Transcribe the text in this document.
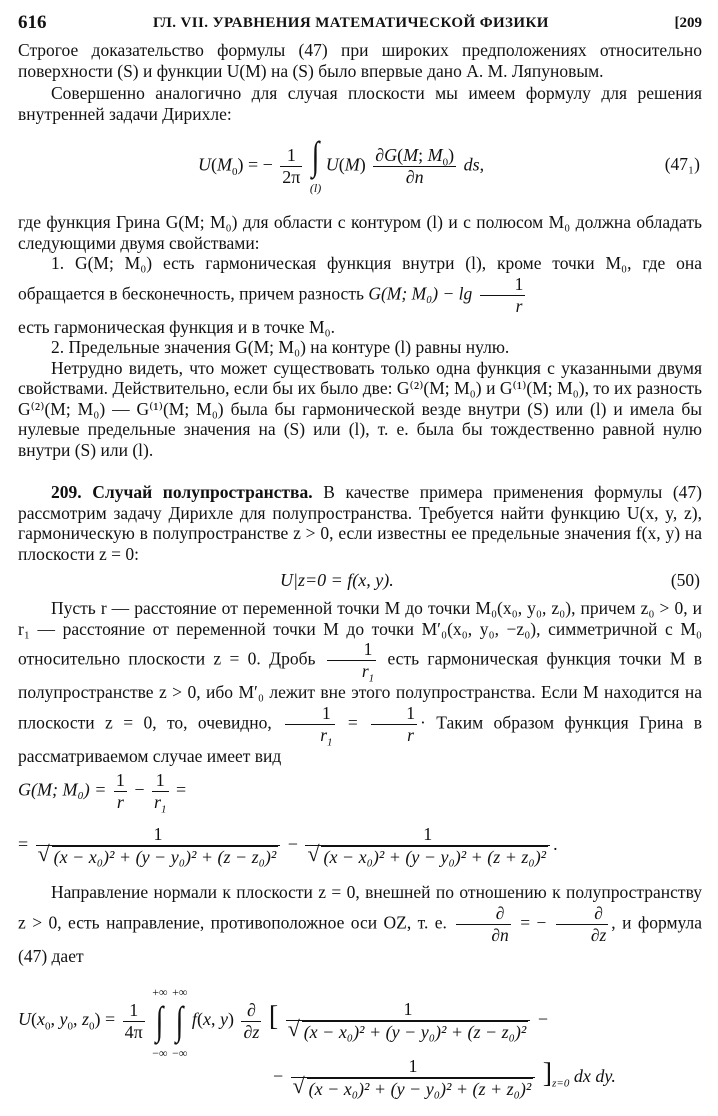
616	ГЛ. VII. УРАВНЕНИЯ МАТЕМАТИЧЕСКОЙ ФИЗИКИ	[209

Строгое доказательство формулы (47) при широких предположениях относительно поверхности (S) и функции U(M) на (S) было впервые дано А. М. Ляпуновым.

Совершенно аналогично для случая плоскости мы имеем формулу для решения внутренней задачи Дирихле:

$U(M_0)$ = − $\frac{1}{2\pi}$ ∫
(l) $U(M) \frac{\partial G(M; M_0)}{\partial n}$ ds,	(47₁)

где функция Грина G(M; M₀) для области с контуром (l) и с полюсом M₀ должна обладать следующими двумя свойствами:

1. G(M; M₀) есть гармоническая функция внутри (l), кроме точки M₀, где она обращается в бесконечность, причем разность G(M; $M_0) - \lg \frac{1}{r}$

есть гармоническая функция и в точке M₀.

2. Предельные значения G(M; M₀) на контуре (l) равны нулю.

Нетрудно видеть, что может существовать только одна функция с указанными двумя свойствами. Действительно, если бы их было две: G⁽²⁾(M; M₀) и G⁽¹⁾(M; M₀), то их разность G⁽²⁾(M; M₀) — G⁽¹⁾(M; M₀) была бы гармонической везде внутри (S) или (l) и имела бы нулевые предельные значения на (S) или (l), т. е. была бы тождественно равной нулю внутри (S) или (l).

209. Случай полупространства. В качестве примера применения формулы (47) рассмотрим задачу Дирихле для полупространства. Требуется найти функцию U(x, y, z), гармоническую в полупространстве z > 0, если известны ее предельные значения f(x, y) на плоскости z = 0:

U|z=0 = f(x, y).	(50)

Пусть r — расстояние от переменной точки M до точки M₀(x₀, y₀, z₀), причем z₀ > 0, и r₁ — расстояние от переменной точки M до точки M′₀(x₀, y₀, −z₀), симметричной с M₀ относительно плоскости z = 0. Дробь $\frac{1}{r_1}$ есть гармоническая функция точки M в полупространстве z > 0, ибо M′₀ лежит вне этого полупространства. Если M находится на плоскости z = 0, то, очевидно, $\frac{1}{r_1} = \frac{1}{r}$ · Таким образом функция Грина в рассматриваемом случае имеет вид

G(M; $M_0) = \frac{1}{r} - \frac{1}{r_1}$ =
= 1
√ (x − x₀)² + (y − y₀)² + (z − z₀)² − 1
√ (x − x₀)² + (y − y₀)² + (z + z₀)² .

Направление нормали к плоскости z = 0, внешней по отношению к полупространству z > 0, есть направление, противоположное оси OZ, т. е. $\frac{\partial}{\partial n}$ = − $\frac{\partial}{\partial z}$ , и формула (47) дает

$U(x_0$, $y_0$, $z_0) = \frac{1}{4\pi}$
+∞
∫
−∞ +∞
∫
−∞ f(x, $y) \frac{\partial}{\partial z}$ [ 1
√ (x − x₀)² + (y − y₀)² + (z − z₀)² −
− 1
√ (x − x₀)² + (y − y₀)² + (z + z₀)² ]$_{z=0}$ dx dy.
